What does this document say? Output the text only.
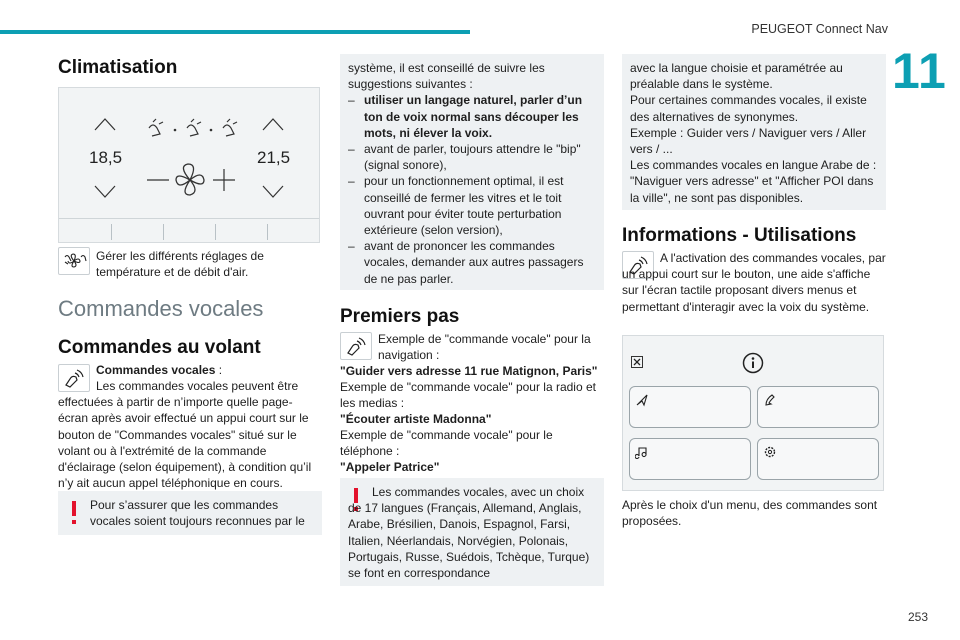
PEUGEOT Connect Nav
11
253
Climatisation
18,5	21,5
Gérer les différents réglages de température et de débit d'air.
Commandes vocales
Commandes au volant
Commandes vocales :
Les commandes vocales peuvent être effectuées à partir de n’importe quelle page-écran après avoir effectué un appui court sur le bouton de "Commandes vocales" situé sur le volant ou à l'extrémité de la commande d'éclairage (selon équipement), à condition qu’il n’y ait aucun appel téléphonique en cours.
Pour s’assurer que les commandes vocales soient toujours reconnues par le
système, il est conseillé de suivre les suggestions suivantes :
– utiliser un langage naturel, parler d’un ton de voix normal sans découper les mots, ni élever la voix.
– avant de parler, toujours attendre le "bip" (signal sonore),
– pour un fonctionnement optimal, il est conseillé de fermer les vitres et le toit ouvrant pour éviter toute perturbation extérieure (selon version),
– avant de prononcer les commandes vocales, demander aux autres passagers de ne pas parler.
Premiers pas
Exemple de "commande vocale" pour la navigation :
"Guider vers adresse 11 rue Matignon, Paris"
Exemple de "commande vocale" pour la radio et les medias :
"Écouter artiste Madonna"
Exemple de "commande vocale" pour le téléphone :
"Appeler Patrice"
Les commandes vocales, avec un choix de 17 langues (Français, Allemand, Anglais, Arabe, Brésilien, Danois, Espagnol, Farsi, Italien, Néerlandais, Norvégien, Polonais, Portugais, Russe, Suédois, Tchèque, Turque) se font en correspondance
avec la langue choisie et paramétrée au préalable dans le système.
Pour certaines commandes vocales, il existe des alternatives de synonymes.
Exemple : Guider vers / Naviguer vers / Aller vers / ...
Les commandes vocales en langue Arabe de : "Naviguer vers adresse" et "Afficher POI dans la ville", ne sont pas disponibles.
Informations - Utilisations
A l'activation des commandes vocales, par un appui court sur le bouton, une aide s'affiche sur l'écran tactile proposant divers menus et permettant d'interagir avec la voix du système.
Après le choix d'un menu, des commandes sont proposées.
